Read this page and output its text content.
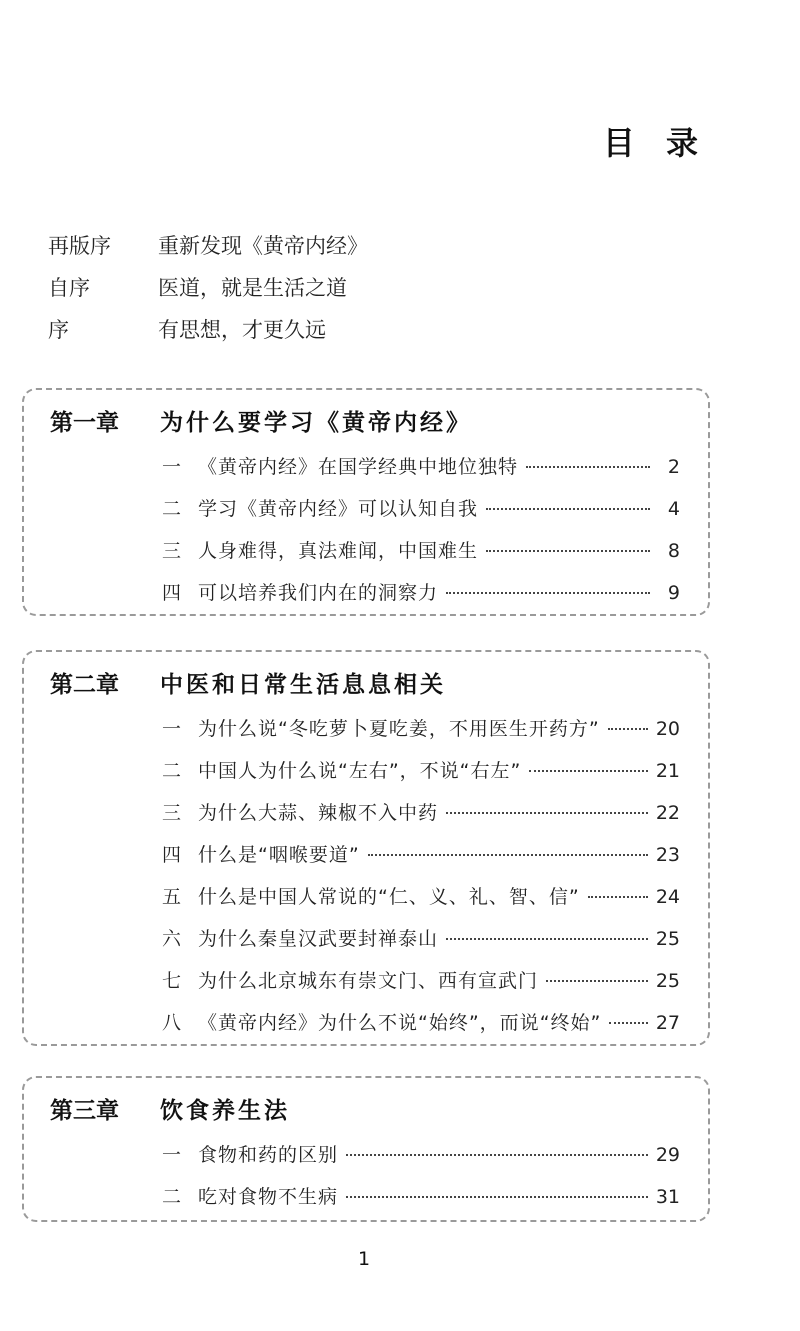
目 录
再版序	重新发现《黄帝内经》
自序	医道，就是生活之道
序	有思想，才更久远
第一章	为什么要学习《黄帝内经》
一 《黄帝内经》在国学经典中地位独特	2
二 学习《黄帝内经》可以认知自我	4
三 人身难得，真法难闻，中国难生	8
四 可以培养我们内在的洞察力	9
第二章	中医和日常生活息息相关
一 为什么说“冬吃萝卜夏吃姜，不用医生开药方”	20
二 中国人为什么说“左右”，不说“右左”	21
三 为什么大蒜、辣椒不入中药	22
四 什么是“咽喉要道”	23
五 什么是中国人常说的“仁、义、礼、智、信”	24
六 为什么秦皇汉武要封禅泰山	25
七 为什么北京城东有崇文门、西有宣武门	25
八 《黄帝内经》为什么不说“始终”，而说“终始”	27
第三章	饮食养生法
一 食物和药的区别	29
二 吃对食物不生病	31
1
